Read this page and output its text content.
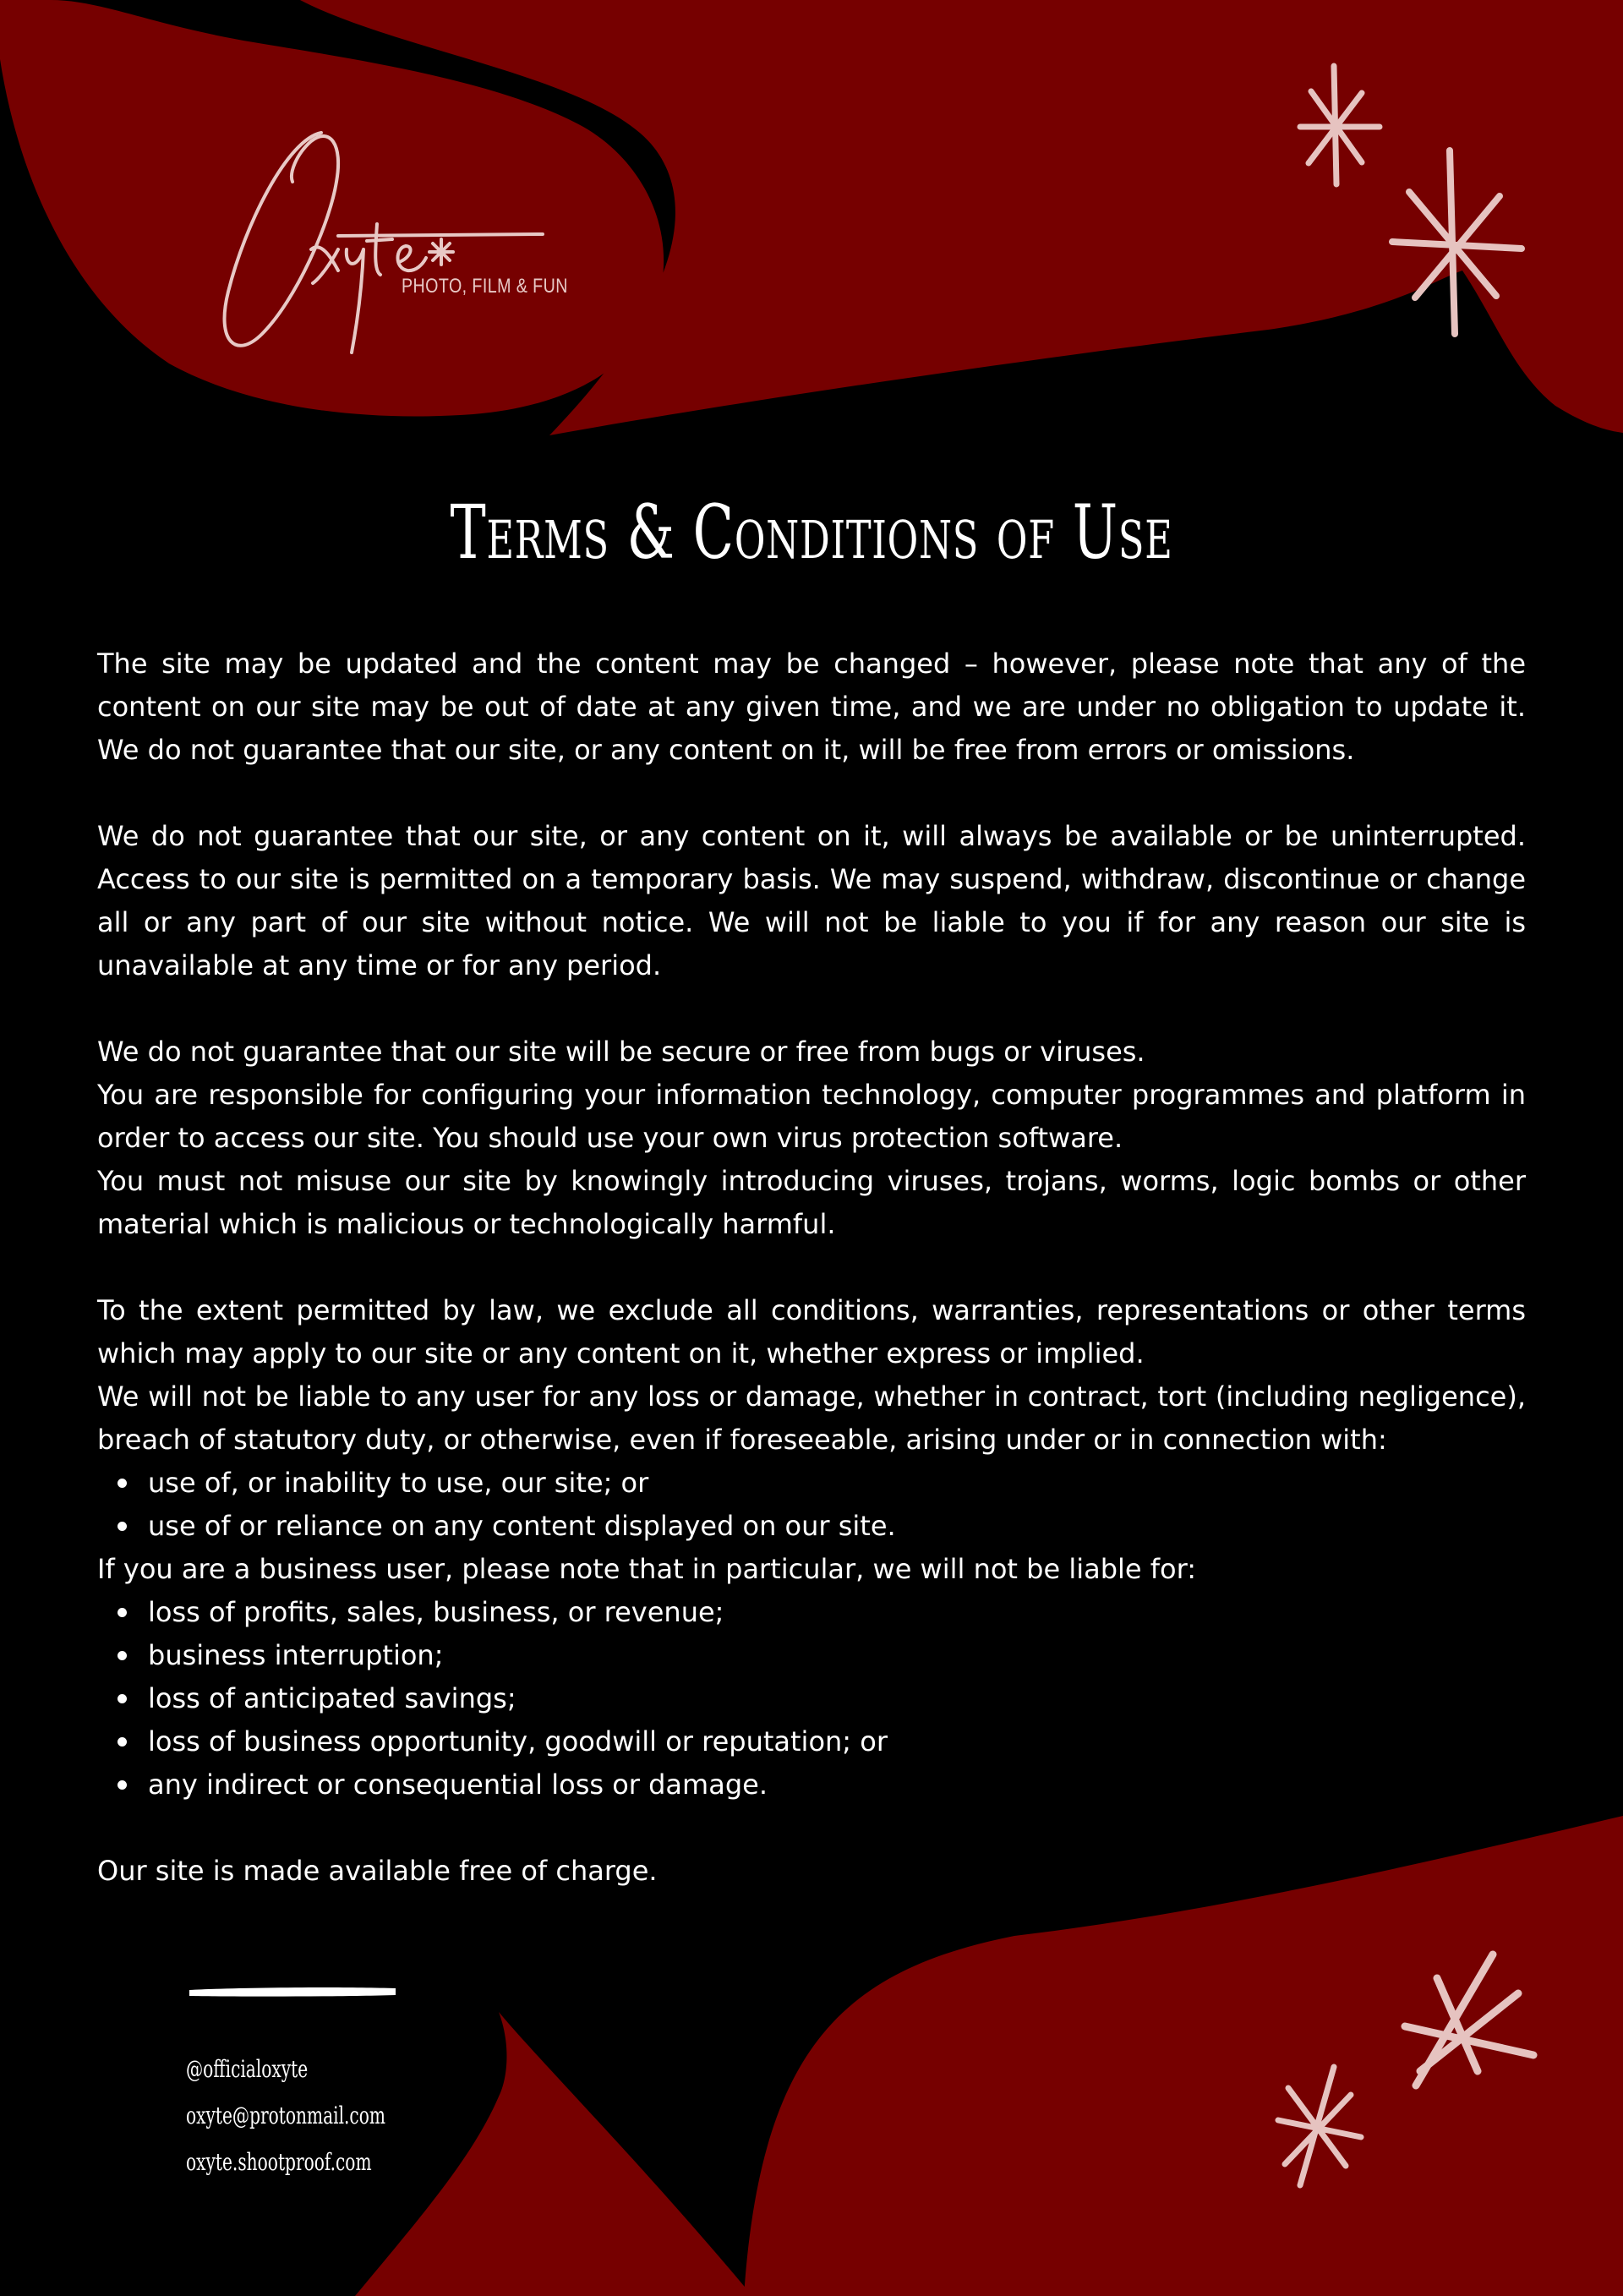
PHOTO, FILM & FUN
Terms & Conditions of Use

The site may be updated and the content may be changed – however, please note that any of the content on our site may be out of date at any given time, and we are under no obligation to update it. We do not guarantee that our site, or any content on it, will be free from errors or omissions.

We do not guarantee that our site, or any content on it, will always be available or be uninterrupted. Access to our site is permitted on a temporary basis. We may suspend, withdraw, discontinue or change all or any part of our site without notice. We will not be liable to you if for any reason our site is unavailable at any time or for any period.

We do not guarantee that our site will be secure or free from bugs or viruses.

You are responsible for configuring your information technology, computer programmes and platform in order to access our site. You should use your own virus protection software.

You must not misuse our site by knowingly introducing viruses, trojans, worms, logic bombs or other material which is malicious or technologically harmful.

To the extent permitted by law, we exclude all conditions, warranties, representations or other terms which may apply to our site or any content on it, whether express or implied.

We will not be liable to any user for any loss or damage, whether in contract, tort (including negligence), breach of statutory duty, or otherwise, even if foreseeable, arising under or in connection with:

use of, or inability to use, our site; or
use of or reliance on any content displayed on our site.

If you are a business user, please note that in particular, we will not be liable for:

loss of profits, sales, business, or revenue;
business interruption;
loss of anticipated savings;
loss of business opportunity, goodwill or reputation; or
any indirect or consequential loss or damage.

Our site is made available free of charge.

@officialoxyte
oxyte@protonmail.com
oxyte.shootproof.com
